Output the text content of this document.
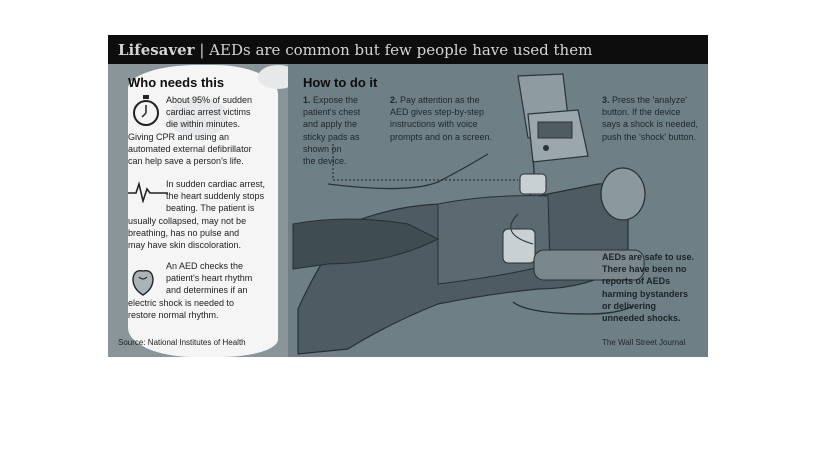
Lifesaver | AEDs are common but few people have used them
Who needs this
Source: National Institutes of Health
How to do it
The Wall Street Journal
About 95% of sudden
cardiac arrest victims
die within minutes.
Giving CPR and using an
automated external defibrillator
can help save a person's life.
In sudden cardiac arrest,
the heart suddenly stops
beating. The patient is
usually collapsed, may not be
breathing, has no pulse and
may have skin discoloration.
An AED checks the
patient's heart rhythm
and determines if an
electric shock is needed to
restore normal rhythm.
1. Expose the
patient's chest
and apply the
sticky pads as
shown on
the device.
2. Pay attention as the
AED gives step-by-step
instructions with voice
prompts and on a screen.
3. Press the 'analyze'
button. If the device
says a shock is needed,
push the 'shock' button.
AEDs are safe to use.
There have been no
reports of AEDs
harming bystanders
or delivering
unneeded shocks.
